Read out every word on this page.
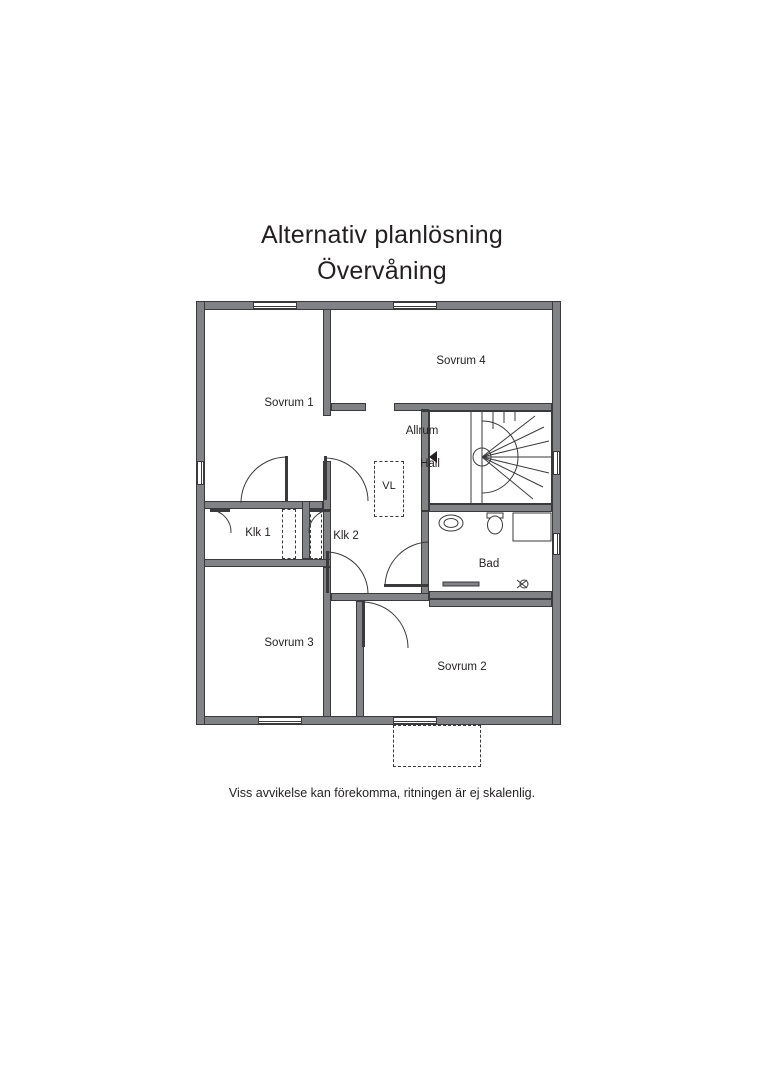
Alternativ planlösning
Övervåning
Sovrum 1
Sovrum 4
Allrum
Hall
VL
Klk 1	Klk 2
Bad
Sovrum 3
Sovrum 2
Viss avvikelse kan förekomma, ritningen är ej skalenlig.
